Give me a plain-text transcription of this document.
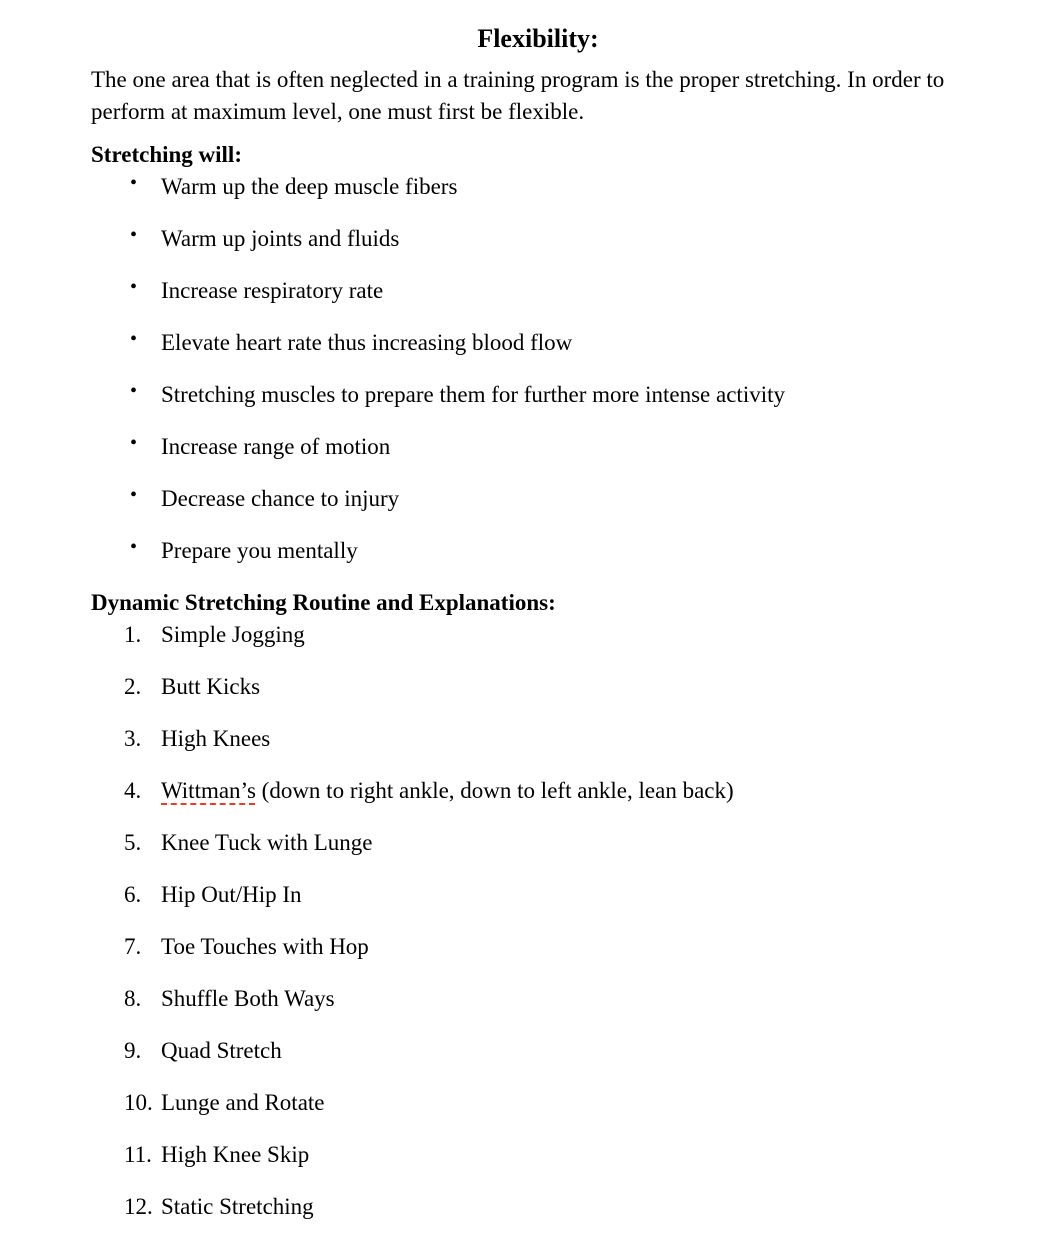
Flexibility:

The one area that is often neglected in a training program is the proper stretching. In order to perform at maximum level, one must first be flexible.

Stretching will:
• Warm up the deep muscle fibers
• Warm up joints and fluids
• Increase respiratory rate
• Elevate heart rate thus increasing blood flow
• Stretching muscles to prepare them for further more intense activity
• Increase range of motion
• Decrease chance to injury
• Prepare you mentally
Dynamic Stretching Routine and Explanations:
1. Simple Jogging
2. Butt Kicks
3. High Knees
4. Wittman’s (down to right ankle, down to left ankle, lean back)
5. Knee Tuck with Lunge
6. Hip Out/Hip In
7. Toe Touches with Hop
8. Shuffle Both Ways
9. Quad Stretch
10. Lunge and Rotate
11. High Knee Skip
12. Static Stretching
